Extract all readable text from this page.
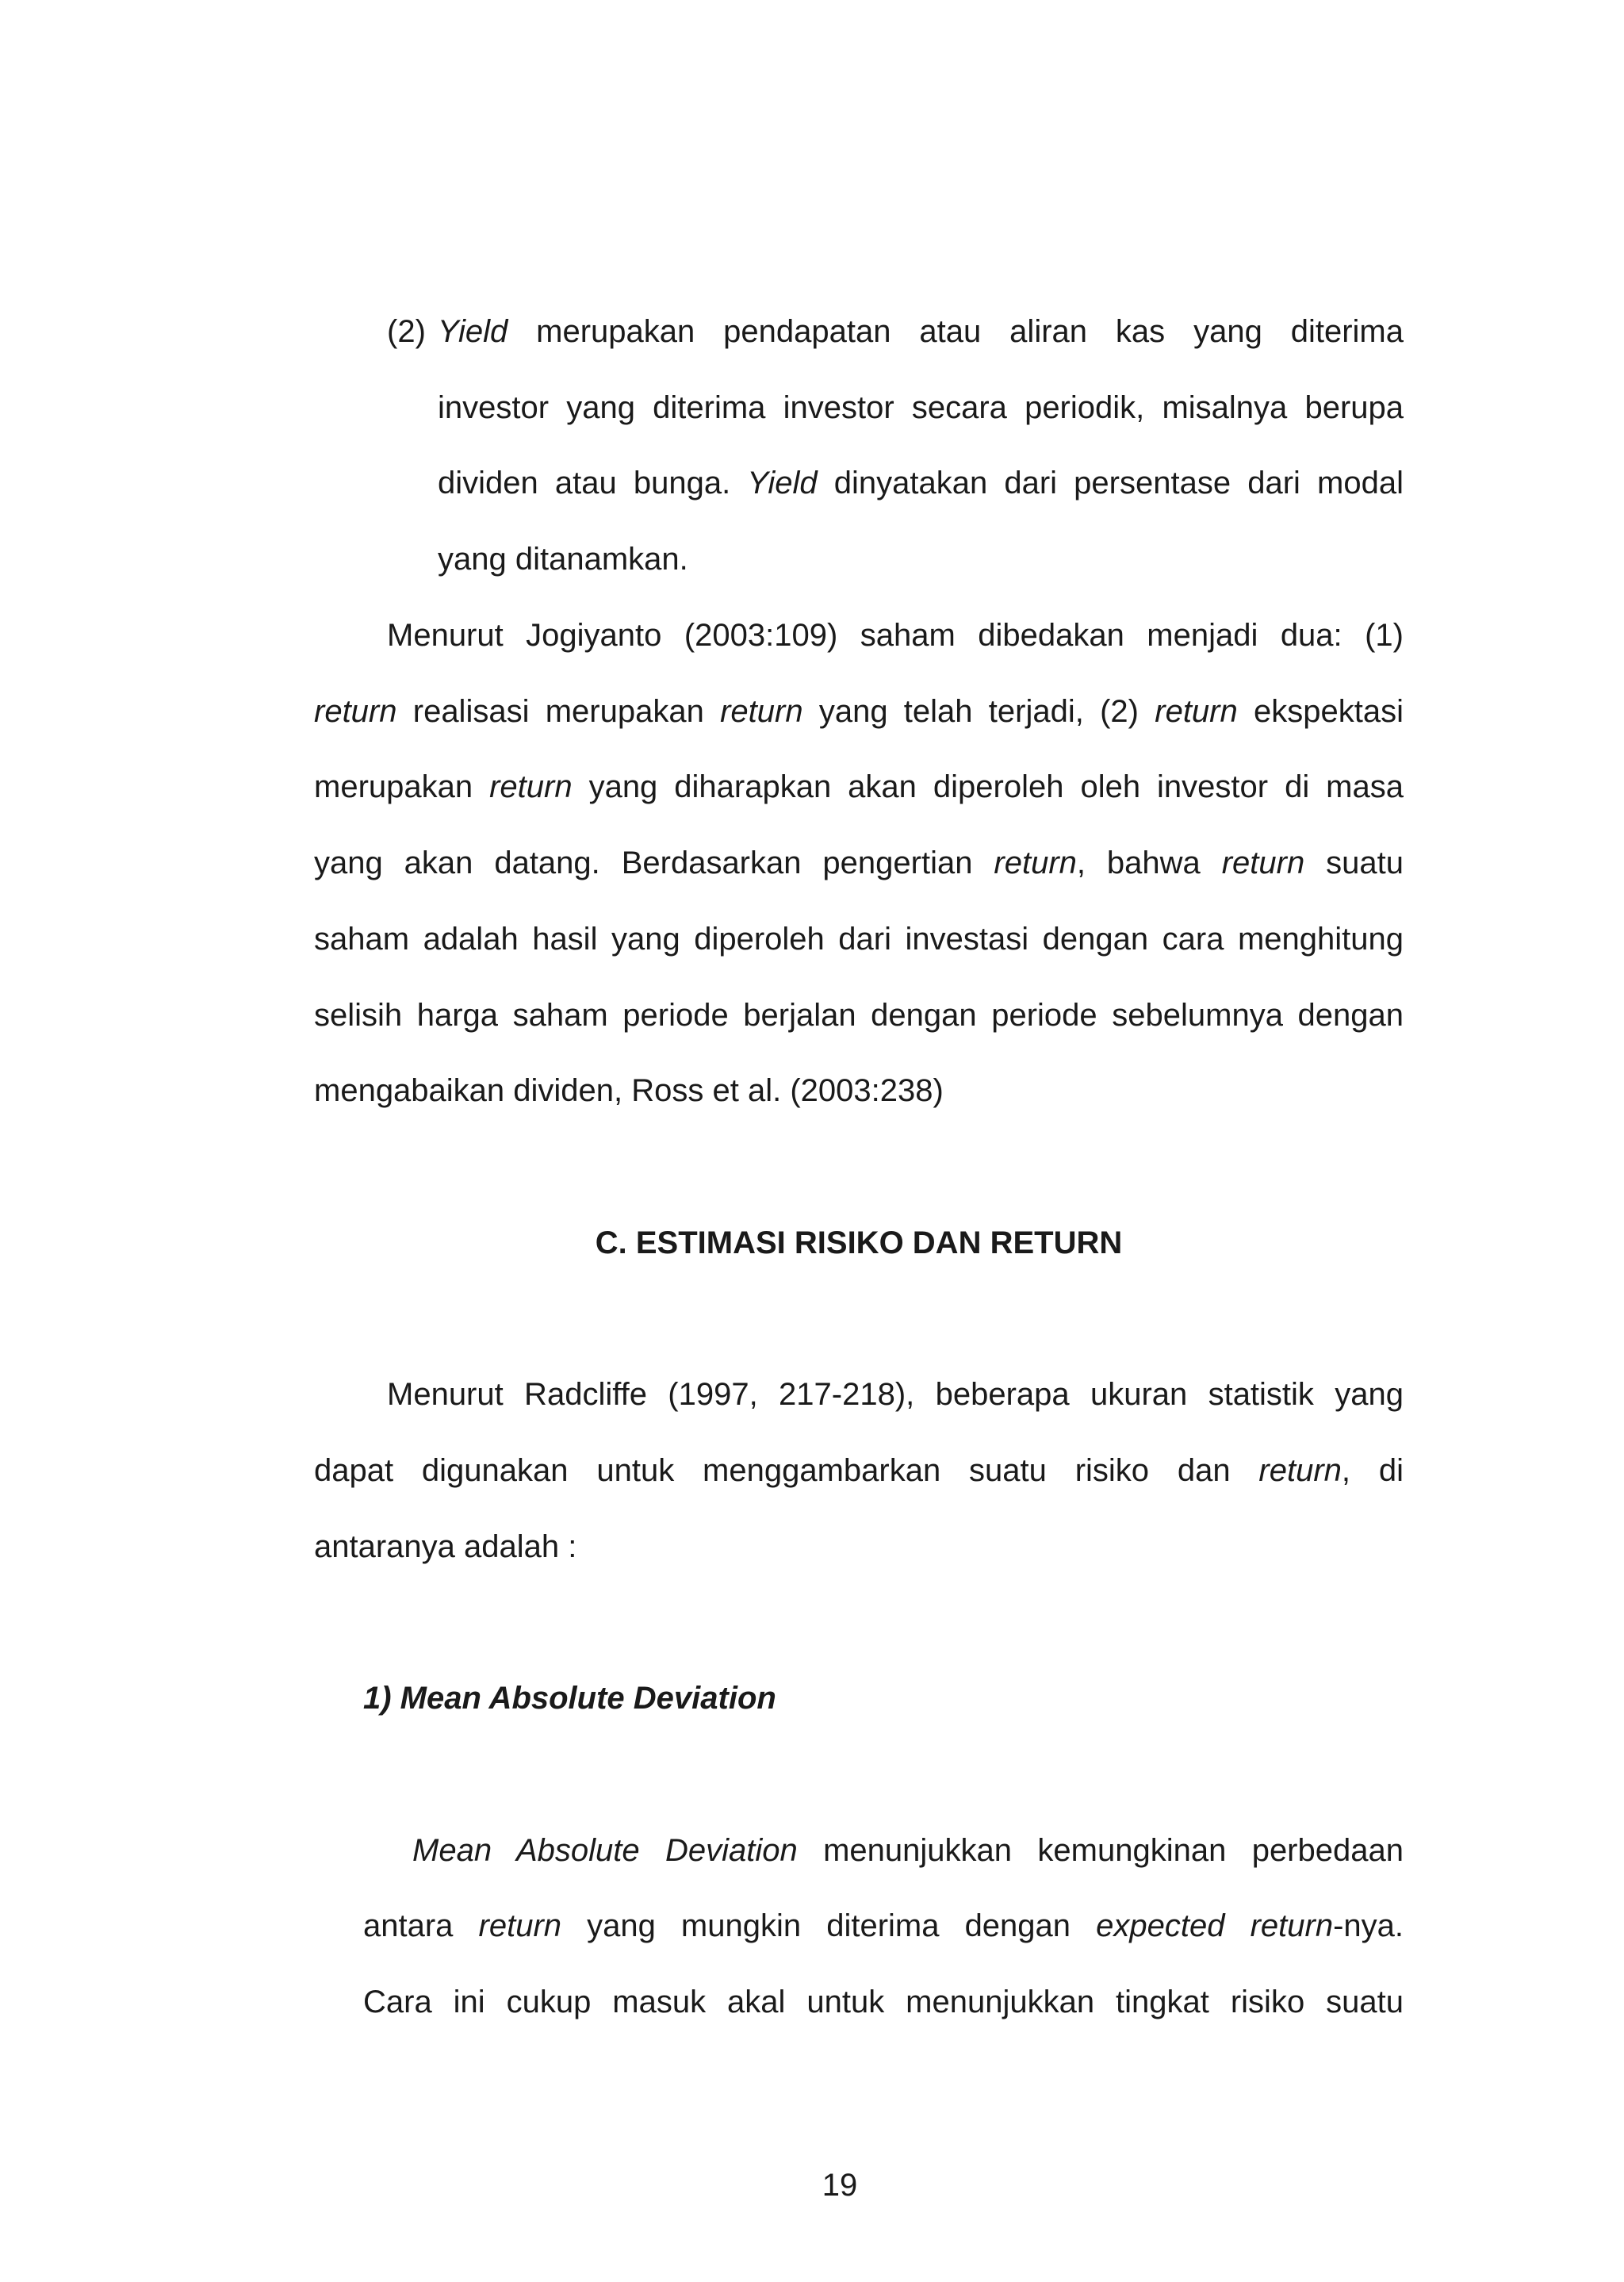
(2) Yield merupakan pendapatan atau aliran kas yang diterima
investor yang diterima investor secara periodik, misalnya berupa
dividen atau bunga. Yield dinyatakan dari persentase dari modal
yang ditanamkan.
Menurut Jogiyanto (2003:109) saham dibedakan menjadi dua: (1)
return realisasi merupakan return yang telah terjadi, (2) return ekspektasi
merupakan return yang diharapkan akan diperoleh oleh investor di masa
yang akan datang. Berdasarkan pengertian return, bahwa return suatu
saham adalah hasil yang diperoleh dari investasi dengan cara menghitung
selisih harga saham periode berjalan dengan periode sebelumnya dengan
mengabaikan dividen, Ross et al. (2003:238)
C. ESTIMASI RISIKO DAN RETURN
Menurut Radcliffe (1997, 217-218), beberapa ukuran statistik yang
dapat digunakan untuk menggambarkan suatu risiko dan return, di
antaranya adalah :
1) Mean Absolute Deviation
Mean Absolute Deviation menunjukkan kemungkinan perbedaan
antara return yang mungkin diterima dengan expected return-nya.
Cara ini cukup masuk akal untuk menunjukkan tingkat risiko suatu
19
